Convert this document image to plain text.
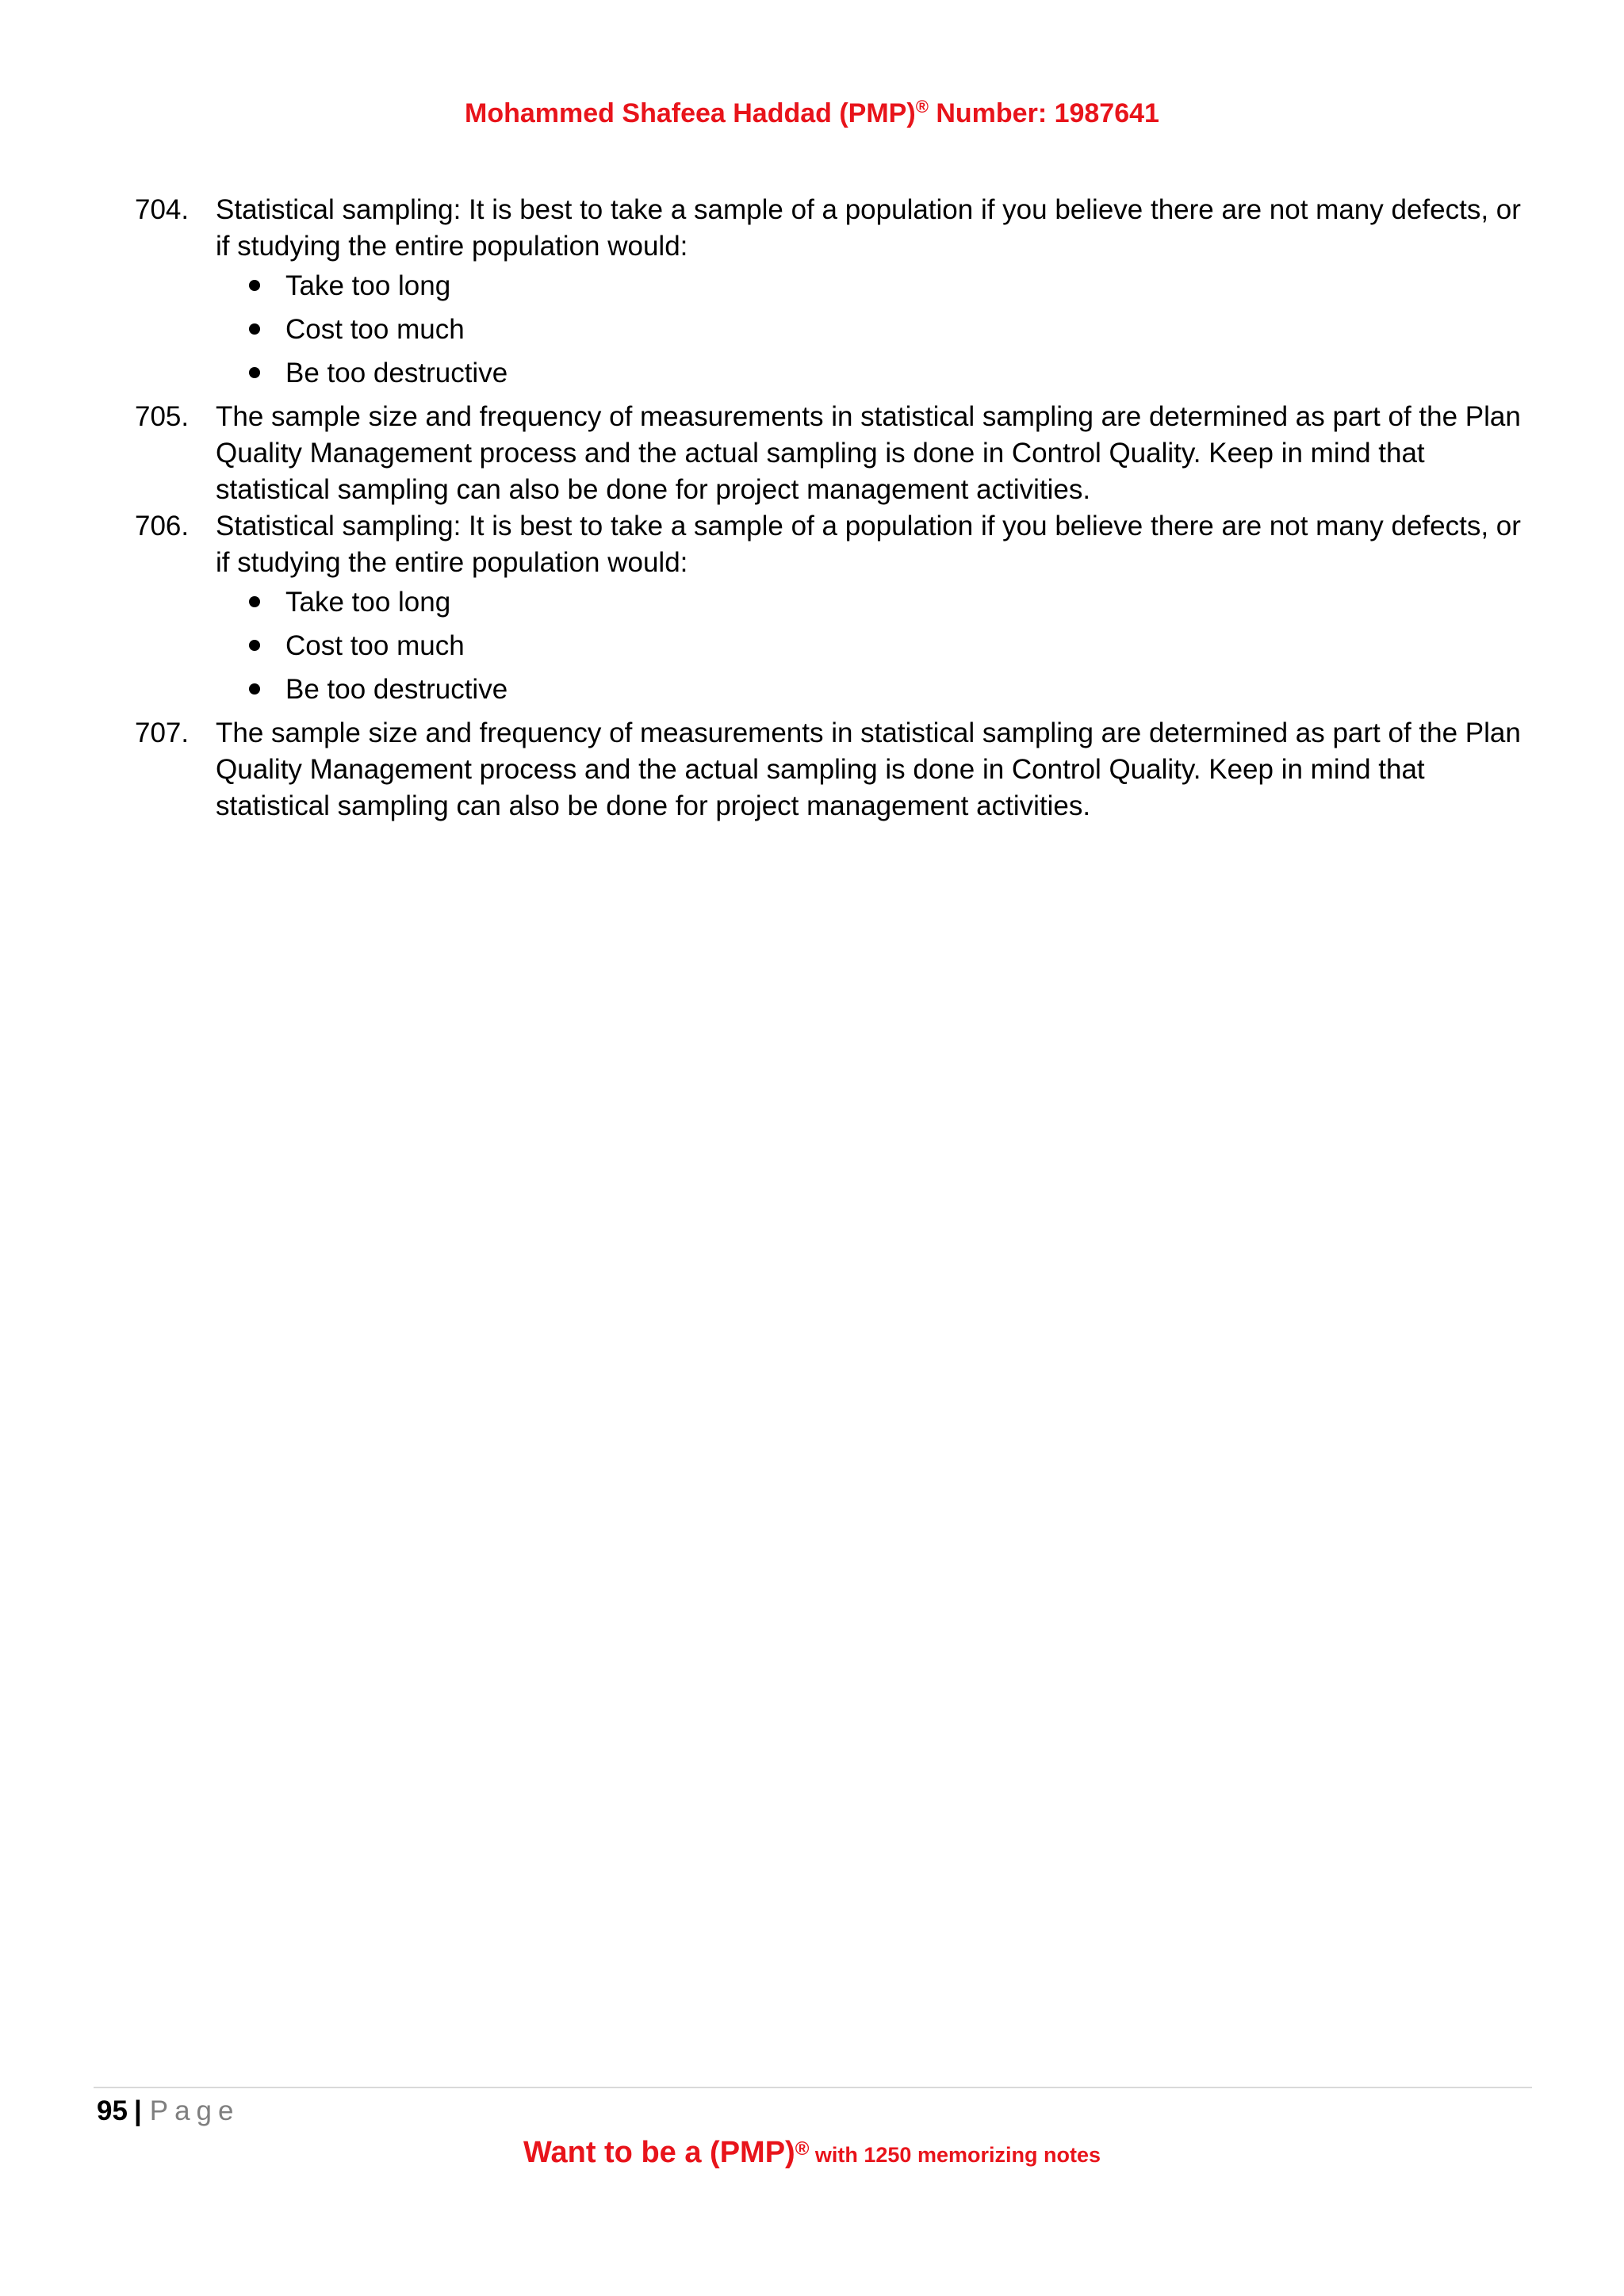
Mohammed Shafeea Haddad (PMP)® Number: 1987641
704. Statistical sampling: It is best to take a sample of a population if you believe there are not many defects, or if studying the entire population would:
Take too long
Cost too much
Be too destructive
705. The sample size and frequency of measurements in statistical sampling are determined as part of the Plan Quality Management process and the actual sampling is done in Control Quality. Keep in mind that statistical sampling can also be done for project management activities.
706. Statistical sampling: It is best to take a sample of a population if you believe there are not many defects, or if studying the entire population would:
Take too long
Cost too much
Be too destructive
707. The sample size and frequency of measurements in statistical sampling are determined as part of the Plan Quality Management process and the actual sampling is done in Control Quality. Keep in mind that statistical sampling can also be done for project management activities.
95 | Page
Want to be a (PMP)® with 1250 memorizing notes
